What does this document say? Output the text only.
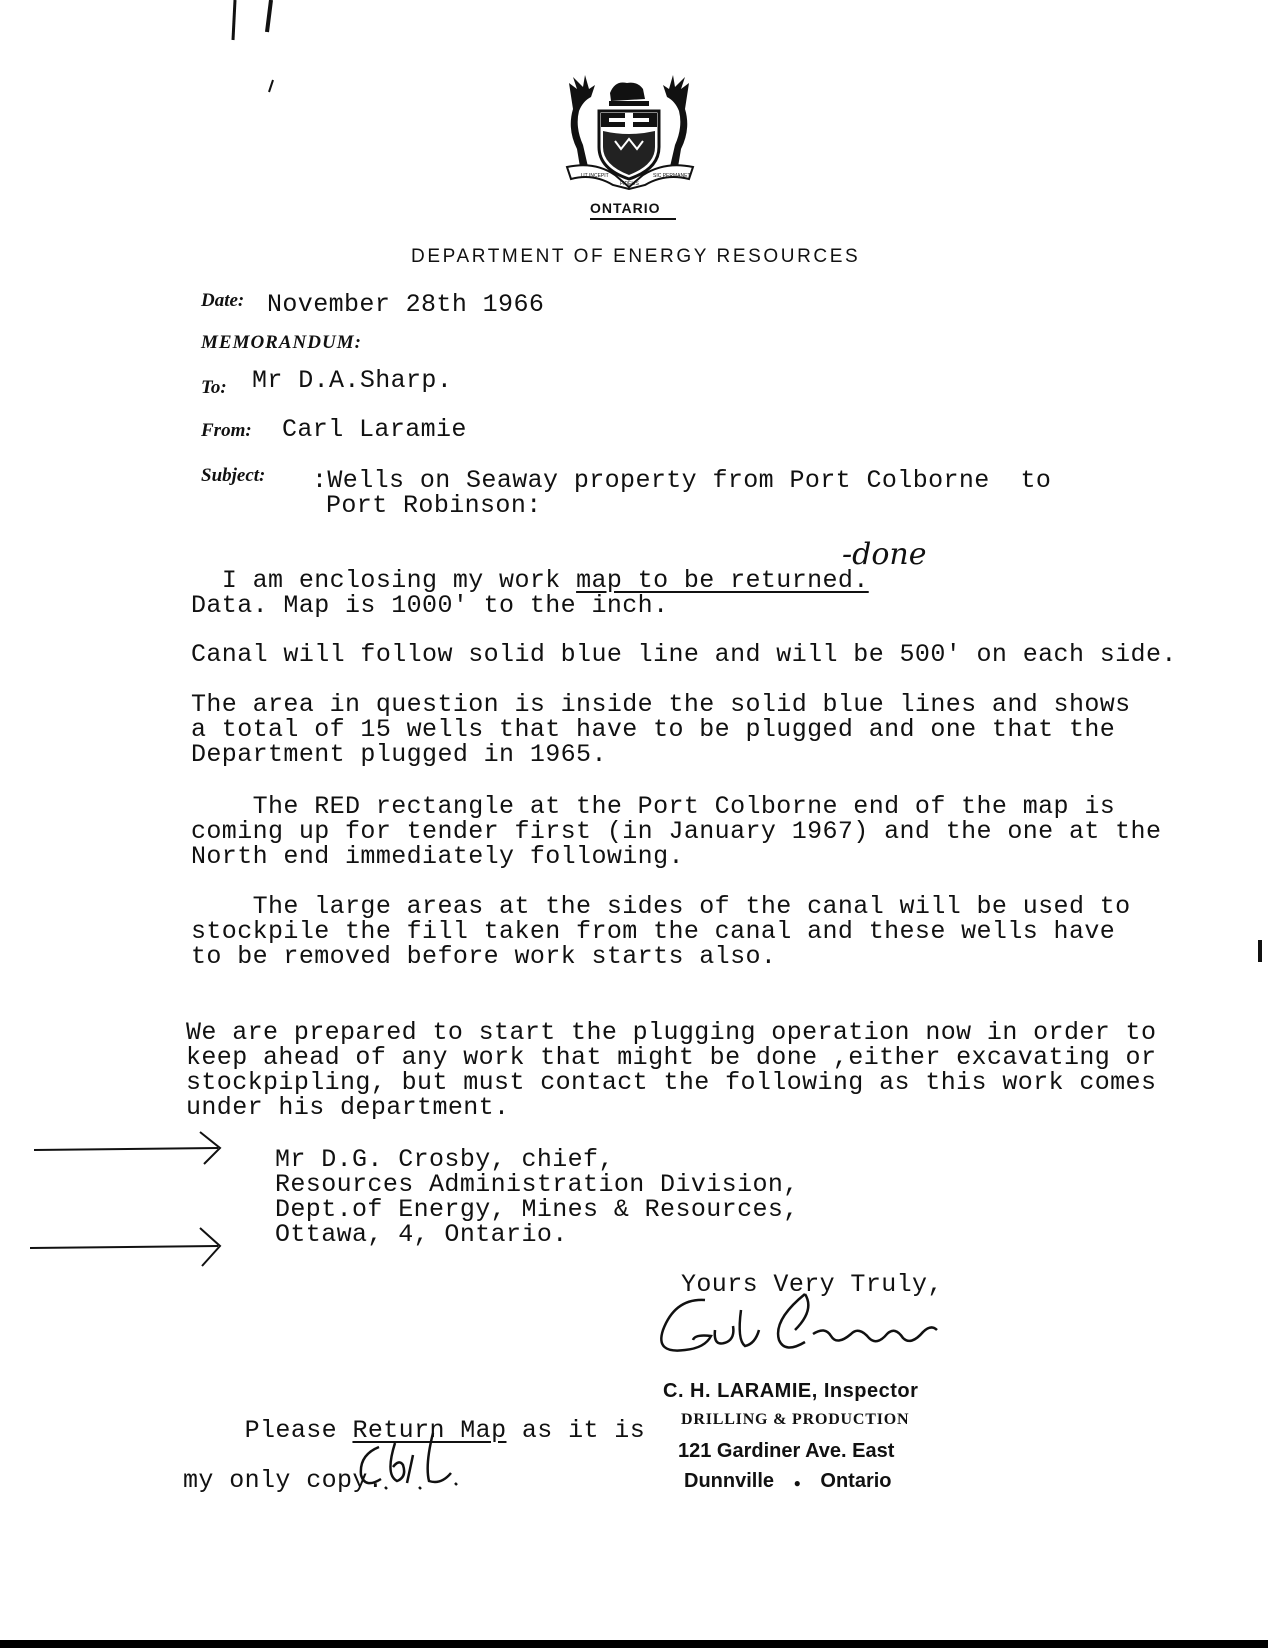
UT INCEPIT
FIDELIS
SIC PERMANET
ONTARIO
DEPARTMENT OF ENERGY RESOURCES
Date: November 28th 1966
MEMORANDUM:
To: Mr D.A.Sharp.
From: Carl Laramie
Subject: :Wells on Seaway property from Port Colborne  to
Port Robinson:

I am enclosing my work map to be returned.

-done
Data. Map is 1000' to the inch.
Canal will follow solid blue line and will be 500' on each side.
The area in question is inside the solid blue lines and shows
a total of 15 wells that have to be plugged and one that the
Department plugged in 1965.
The RED rectangle at the Port Colborne end of the map is
coming up for tender first (in January 1967) and the one at the
North end immediately following.
The large areas at the sides of the canal will be used to
stockpile the fill taken from the canal and these wells have
to be removed before work starts also.
We are prepared to start the plugging operation now in order to
keep ahead of any work that might be done ,either excavating or
stockpipling, but must contact the following as this work comes
under his department.
Mr D.G. Crosby, chief,
Resources Administration Division,
Dept.of Energy, Mines & Resources,
Ottawa, 4, Ontario.
Yours Very Truly,
C. H. LARAMIE, Inspector
DRILLING & PRODUCTION
121 Gardiner Ave. East
Dunnville ● Ontario

Please Return Map as it is

my only copy.
